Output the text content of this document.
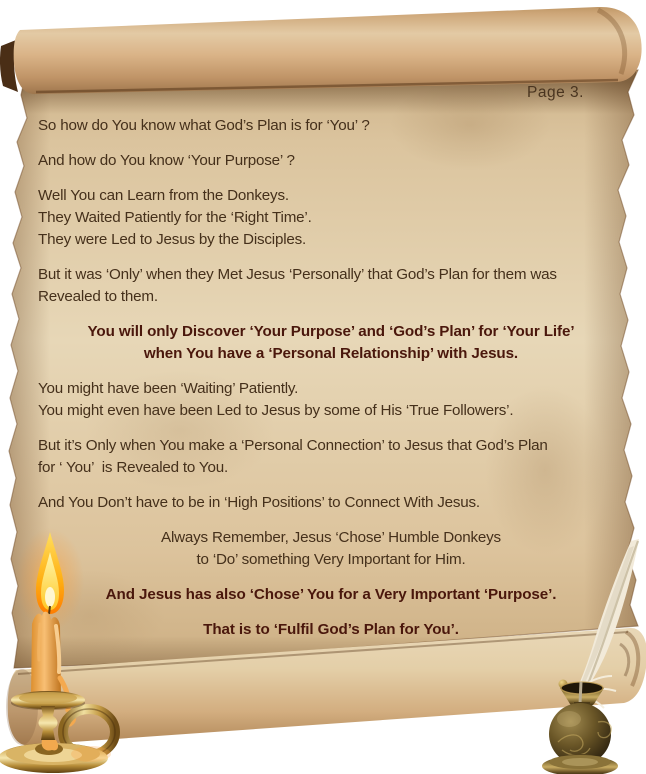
Page 3.
So how do You know what God’s Plan is for ‘You’ ?
And how do You know ‘Your Purpose’ ?
Well You can Learn from the Donkeys.
They Waited Patiently for the ‘Right Time’.
They were Led to Jesus by the Disciples.
But it was ‘Only’ when they Met Jesus ‘Personally’ that God’s Plan for them was
Revealed to them.
You will only Discover ‘Your Purpose’ and ‘God’s Plan’ for ‘Your Life’
when You have a ‘Personal Relationship’ with Jesus.
You might have been ‘Waiting’ Patiently.
You might even have been Led to Jesus by some of His ‘True Followers’.
But it’s Only when You make a ‘Personal Connection’ to Jesus that God’s Plan
for ‘ You’  is Revealed to You.
And You Don’t have to be in ‘High Positions’ to Connect With Jesus.
Always Remember, Jesus ‘Chose’ Humble Donkeys
to ‘Do’ something Very Important for Him.
And Jesus has also ‘Chose’ You for a Very Important ‘Purpose’.
That is to ‘Fulfil God’s Plan for You’.
